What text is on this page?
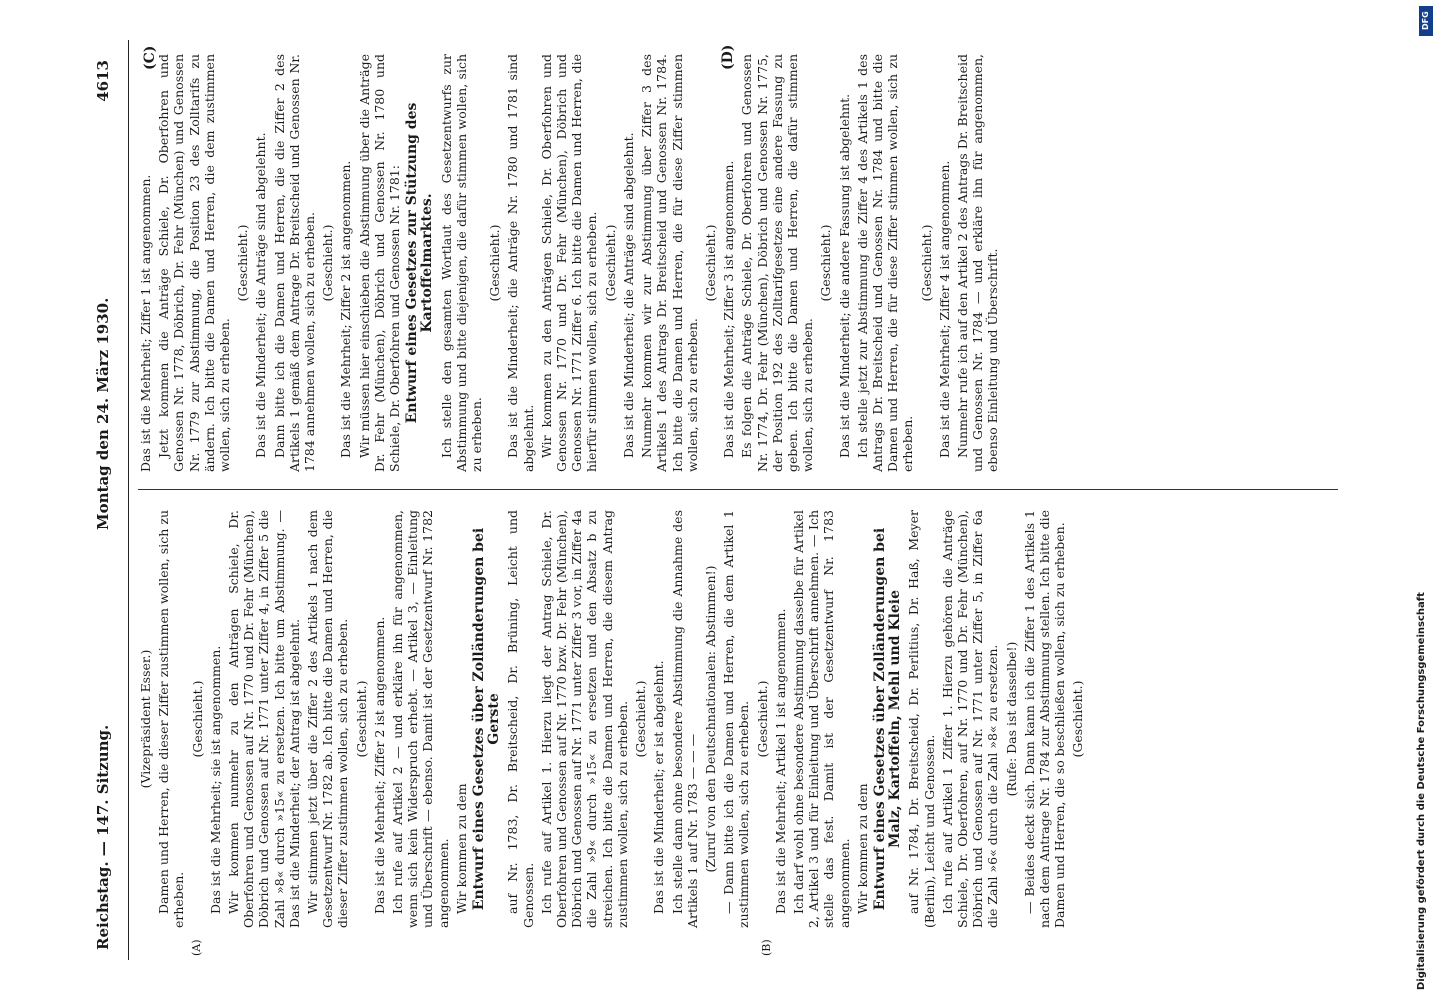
Reichstag. — 147. Sitzung.
Montag den 24. März 1930.
4613
(A)	(B)
(C)	(D)

(Vizepräsident Esser.) Damen und Herren, die dieser Ziffer zustimmen wollen, sich zu erheben.

(Geschieht.) Das ist die Mehrheit; sie ist angenommen. Wir kommen nunmehr zu den Anträgen Schiele, Dr. Oberfohren und Genossen auf Nr. 1770 und Dr. Fehr (München), Döbrich und Genossen auf Nr. 1771 unter Ziffer 4, in Ziffer 5 die Zahl »8« durch »15« zu ersetzen. Ich bitte um Abstimmung. — Das ist die Minderheit; der Antrag ist abgelehnt. Wir stimmen jetzt über die Ziffer 2 des Artikels 1 nach dem Gesetzentwurf Nr. 1782 ab. Ich bitte die Damen und Herren, die dieser Ziffer zustimmen wollen, sich zu erheben. (Geschieht.) Das ist die Mehrheit; Ziffer 2 ist angenommen. Ich rufe auf Artikel 2 — und erkläre ihn für angenommen, wenn sich kein Widerspruch erhebt. — Artikel 3, — Einleitung und Überschrift — ebenso. Damit ist der Gesetzentwurf Nr. 1782 angenommen. Wir kommen zu dem Entwurf eines Gesetzes über Zolländerungen bei Gerste auf Nr. 1783, Dr. Breitscheid, Dr. Brüning, Leicht und Genossen. Ich rufe auf Artikel 1. Hierzu liegt der Antrag Schiele, Dr. Oberfohren und Genossen auf Nr. 1770 bzw. Dr. Fehr (München), Döbrich und Genossen auf Nr. 1771 unter Ziffer 3 vor, in Ziffer 4a die Zahl »9« durch »15« zu ersetzen und den Absatz b zu streichen. Ich bitte die Damen und Herren, die diesem Antrag zustimmen wollen, sich zu erheben. (Geschieht.) Das ist die Minderheit; er ist abgelehnt. Ich stelle dann ohne besondere Abstimmung die Annahme des Artikels 1 auf Nr. 1783 — — — (Zuruf von den Deutschnationalen: Abstimmen!) — Dann bitte ich die Damen und Herren, die dem Artikel 1 zustimmen wollen, sich zu erheben. (Geschieht.) Das ist die Mehrheit; Artikel 1 ist angenommen. Ich darf wohl ohne besondere Abstimmung dasselbe für Artikel 2, Artikel 3 und für Einleitung und Überschrift annehmen. — Ich stelle das fest. Damit ist der Gesetzentwurf Nr. 1783 angenommen. Wir kommen zu dem Entwurf eines Gesetzes über Zolländerungen bei Malz, Kartoffeln, Mehl und Kleie auf Nr. 1784, Dr. Breitscheid, Dr. Perlitius, Dr. Haß, Meyer (Berlin), Leicht und Genossen. Ich rufe auf Artikel 1 Ziffer 1. Hierzu gehören die Anträge Schiele, Dr. Oberfohren, auf Nr. 1770 und Dr. Fehr (München), Döbrich und Genossen auf Nr. 1771 unter Ziffer 5, in Ziffer 6a die Zahl »6« durch die Zahl »8« zu ersetzen. (Rufe: Das ist dasselbe!) — Beides deckt sich. Dann kann ich die Ziffer 1 des Artikels 1 nach dem Antrage Nr. 1784 zur Abstimmung stellen. Ich bitte die Damen und Herren, die so beschließen wollen, sich zu erheben. (Geschieht.)

Das ist die Mehrheit; Ziffer 1 ist angenommen. Jetzt kommen die Anträge Schiele, Dr. Oberfohren und Genossen Nr. 1778, Döbrich, Dr. Fehr (München) und Genossen Nr. 1779 zur Abstimmung, die Position 23 des Zolltarifs zu ändern. Ich bitte die Damen und Herren, die dem zustimmen wollen, sich zu erheben.

(Geschieht.) Das ist die Minderheit; die Anträge sind abgelehnt. Dann bitte ich die Damen und Herren, die die Ziffer 2 des Artikels 1 gemäß dem Antrage Dr. Breitscheid und Genossen Nr. 1784 annehmen wollen, sich zu erheben. (Geschieht.) Das ist die Mehrheit; Ziffer 2 ist angenommen. Wir müssen hier einschieben die Abstimmung über die Anträge Dr. Fehr (München), Döbrich und Genossen Nr. 1780 und Schiele, Dr. Oberfohren und Genossen Nr. 1781: Entwurf eines Gesetzes zur Stützung des Kartoffelmarktes. Ich stelle den gesamten Wortlaut des Gesetzentwurfs zur Abstimmung und bitte diejenigen, die dafür stimmen wollen, sich zu erheben.

(Geschieht.) Das ist die Minderheit; die Anträge Nr. 1780 und 1781 sind abgelehnt. Wir kommen zu den Anträgen Schiele, Dr. Oberfohren und Genossen Nr. 1770 und Dr. Fehr (München), Döbrich und Genossen Nr. 1771 Ziffer 6. Ich bitte die Damen und Herren, die hierfür stimmen wollen, sich zu erheben. (Geschieht.) Das ist die Minderheit; die Anträge sind abgelehnt. Nunmehr kommen wir zur Abstimmung über Ziffer 3 des Artikels 1 des Antrags Dr. Breitscheid und Genossen Nr. 1784. Ich bitte die Damen und Herren, die für diese Ziffer stimmen wollen, sich zu erheben.

(Geschieht.) Das ist die Mehrheit; Ziffer 3 ist angenommen. Es folgen die Anträge Schiele, Dr. Oberfohren und Genossen Nr. 1774, Dr. Fehr (München), Döbrich und Genossen Nr. 1775, der Position 192 des Zolltarifgesetzes eine andere Fassung zu geben. Ich bitte die Damen und Herren, die dafür stimmen wollen, sich zu erheben.

(Geschieht.) Das ist die Minderheit; die andere Fassung ist abgelehnt. Ich stelle jetzt zur Abstimmung die Ziffer 4 des Artikels 1 des Antrags Dr. Breitscheid und Genossen Nr. 1784 und bitte die Damen und Herren, die für diese Ziffer stimmen wollen, sich zu erheben.

(Geschieht.) Das ist die Mehrheit; Ziffer 4 ist angenommen. Nunmehr rufe ich auf den Artikel 2 des Antrags Dr. Breitscheid und Genossen Nr. 1784 — und erkläre ihn für angenommen, ebenso Einleitung und Überschrift.

DFG
Digitalisierung gefördert durch die Deutsche Forschungsgemeinschaft
